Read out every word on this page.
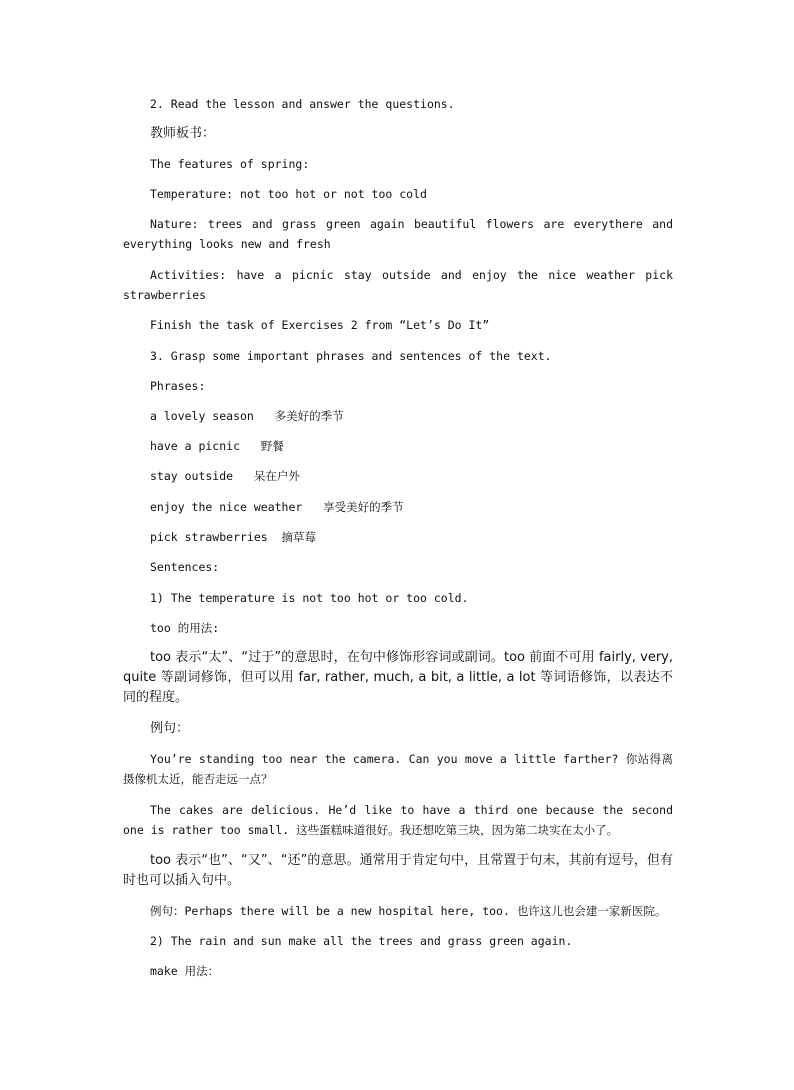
2. Read the lesson and answer the questions.

教师板书：

The features of spring:

Temperature: not too hot or not too cold

Nature: trees and grass green again beautiful flowers are everythere and everything looks new and fresh

Activities: have a picnic stay outside and enjoy the nice weather pick strawberries

Finish the task of Exercises 2 from “Let’s Do It”

3. Grasp some important phrases and sentences of the text.

Phrases:

a lovely season   多美好的季节

have a picnic   野餐

stay outside   呆在户外

enjoy the nice weather   享受美好的季节

pick strawberries  摘草莓

Sentences:

1) The temperature is not too hot or too cold.

too 的用法:

too 表示“太”、“过于”的意思时，在句中修饰形容词或副词。too 前面不可用 fairly, very, quite 等副词修饰，但可以用 far, rather, much, a bit, a little, a lot 等词语修饰，以表达不同的程度。

例句：

You’re standing too near the camera. Can you move a little farther? 你站得离摄像机太近，能否走远一点？

The cakes are delicious. He’d like to have a third one because the second one is rather too small. 这些蛋糕味道很好。我还想吃第三块，因为第二块实在太小了。

too 表示“也”、“又”、“还”的意思。通常用于肯定句中，且常置于句末，其前有逗号，但有时也可以插入句中。

例句：Perhaps there will be a new hospital here, too. 也许这儿也会建一家新医院。

2) The rain and sun make all the trees and grass green again.

make 用法：
